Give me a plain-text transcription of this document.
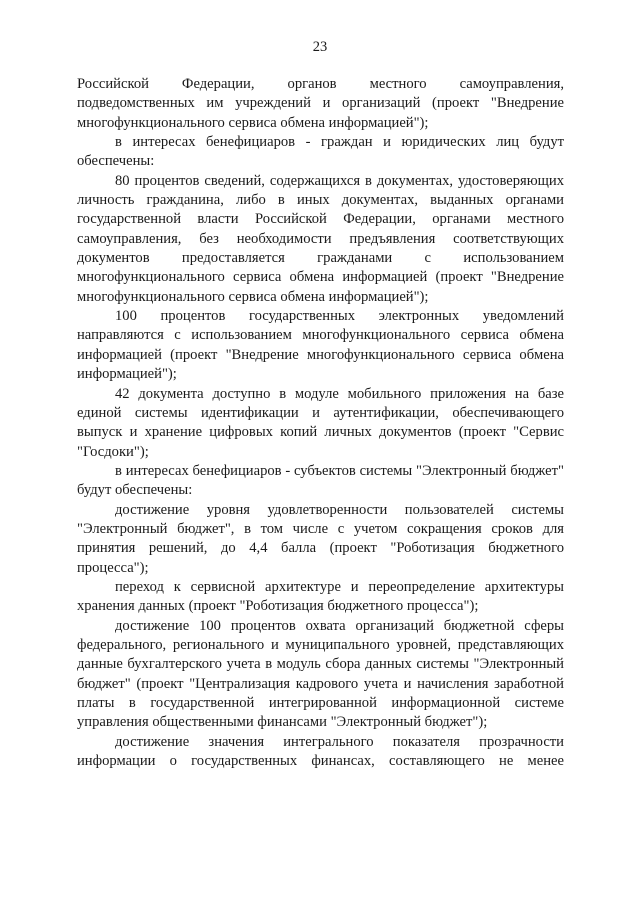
23

Российской Федерации, органов местного самоуправления, подведомственных им учреждений и организаций (проект "Внедрение многофункционального сервиса обмена информацией");

в интересах бенефициаров - граждан и юридических лиц будут обеспечены:

80 процентов сведений, содержащихся в документах, удостоверяющих личность гражданина, либо в иных документах, выданных органами государственной власти Российской Федерации, органами местного самоуправления, без необходимости предъявления соответствующих документов предоставляется гражданами с использованием многофункционального сервиса обмена информацией (проект "Внедрение многофункционального сервиса обмена информацией");

100 процентов государственных электронных уведомлений направляются с использованием многофункционального сервиса обмена информацией (проект "Внедрение многофункционального сервиса обмена информацией");

42 документа доступно в модуле мобильного приложения на базе единой системы идентификации и аутентификации, обеспечивающего выпуск и хранение цифровых копий личных документов (проект "Сервис "Госдоки");

в интересах бенефициаров - субъектов системы "Электронный бюджет" будут обеспечены:

достижение уровня удовлетворенности пользователей системы "Электронный бюджет", в том числе с учетом сокращения сроков для принятия решений, до 4,4 балла (проект "Роботизация бюджетного процесса");

переход к сервисной архитектуре и переопределение архитектуры хранения данных (проект "Роботизация бюджетного процесса");

достижение 100 процентов охвата организаций бюджетной сферы федерального, регионального и муниципального уровней, представляющих данные бухгалтерского учета в модуль сбора данных системы "Электронный бюджет" (проект "Централизация кадрового учета и начисления заработной платы в государственной интегрированной информационной системе управления общественными финансами "Электронный бюджет");

достижение значения интегрального показателя прозрачности информации о государственных финансах, составляющего не менее
